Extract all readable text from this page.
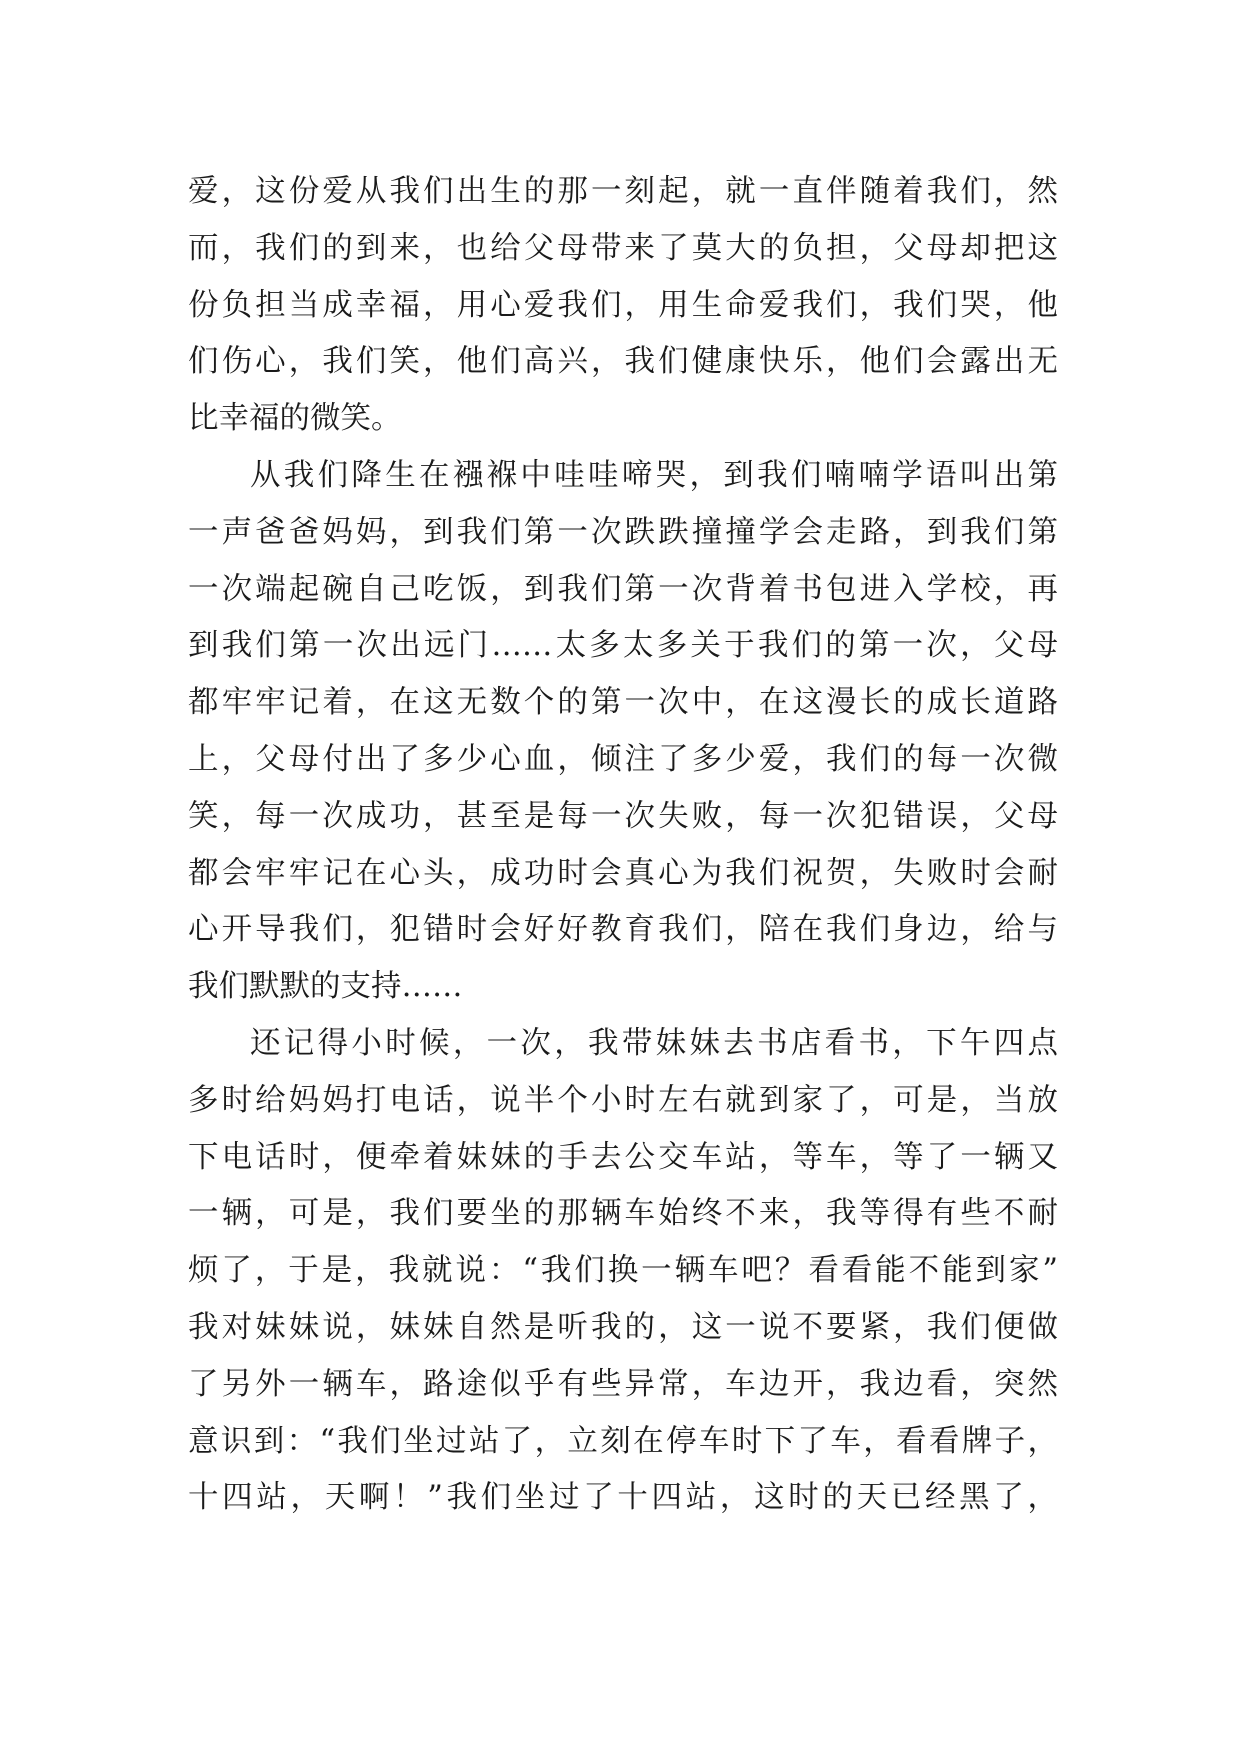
爱，这份爱从我们出生的那一刻起，就一直伴随着我们，然
而，我们的到来，也给父母带来了莫大的负担，父母却把这
份负担当成幸福，用心爱我们，用生命爱我们，我们哭，他
们伤心，我们笑，他们高兴，我们健康快乐，他们会露出无
比幸福的微笑。
从我们降生在襁褓中哇哇啼哭，到我们喃喃学语叫出第
一声爸爸妈妈，到我们第一次跌跌撞撞学会走路，到我们第
一次端起碗自己吃饭，到我们第一次背着书包进入学校，再
到我们第一次出远门……太多太多关于我们的第一次，父母
都牢牢记着，在这无数个的第一次中，在这漫长的成长道路
上，父母付出了多少心血，倾注了多少爱，我们的每一次微
笑，每一次成功，甚至是每一次失败，每一次犯错误，父母
都会牢牢记在心头，成功时会真心为我们祝贺，失败时会耐
心开导我们，犯错时会好好教育我们，陪在我们身边，给与
我们默默的支持……
还记得小时候，一次，我带妹妹去书店看书，下午四点
多时给妈妈打电话，说半个小时左右就到家了，可是，当放
下电话时，便牵着妹妹的手去公交车站，等车，等了一辆又
一辆，可是，我们要坐的那辆车始终不来，我等得有些不耐
烦了，于是，我就说：“我们换一辆车吧？看看能不能到家”
我对妹妹说，妹妹自然是听我的，这一说不要紧，我们便做
了另外一辆车，路途似乎有些异常，车边开，我边看，突然
意识到：“我们坐过站了，立刻在停车时下了车，看看牌子，
十四站，天啊！”我们坐过了十四站，这时的天已经黑了，
